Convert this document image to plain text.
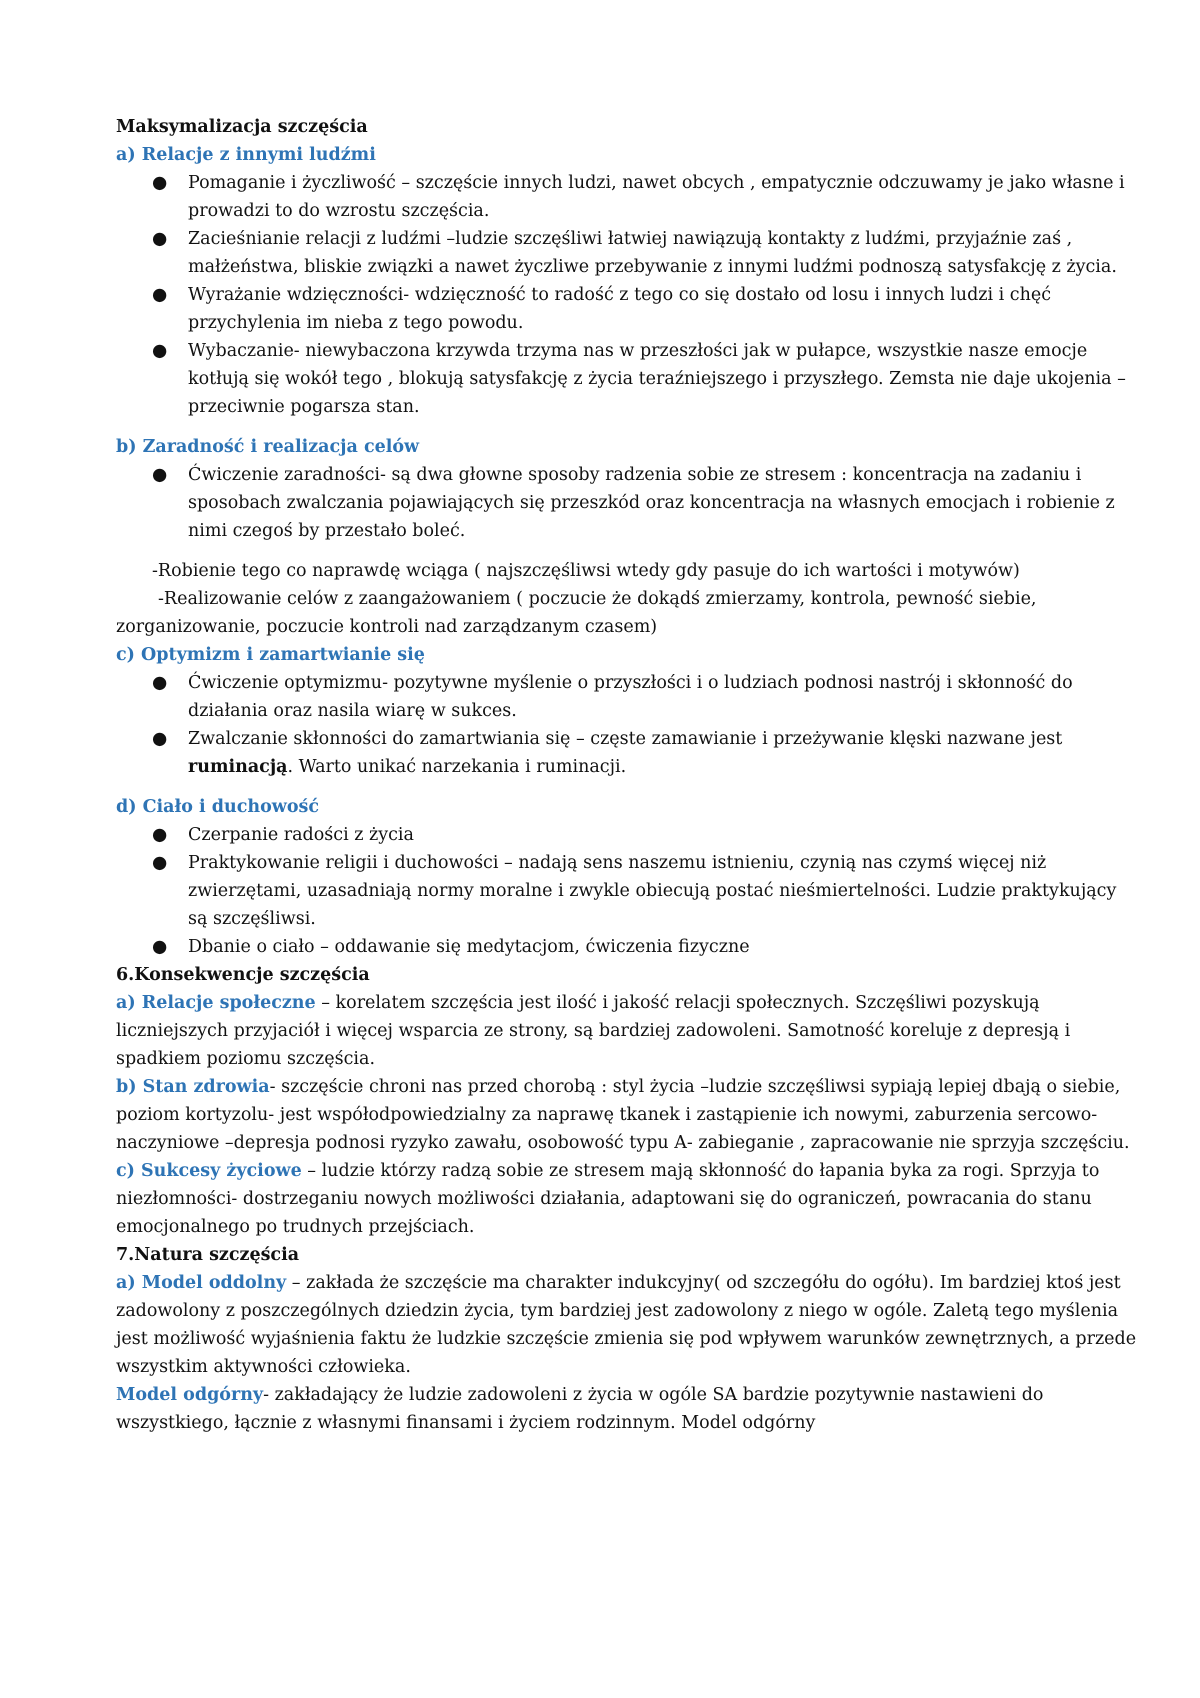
Maksymalizacja szczęścia

a) Relacje z innymi ludźmi

● Pomaganie i życzliwość – szczęście innych ludzi, nawet obcych , empatycznie odczuwamy je jako własne i prowadzi to do wzrostu szczęścia.
● Zacieśnianie relacji z ludźmi –ludzie szczęśliwi łatwiej nawiązują kontakty z ludźmi, przyjaźnie zaś , małżeństwa, bliskie związki a nawet życzliwe przebywanie z innymi ludźmi podnoszą satysfakcję z życia.
● Wyrażanie wdzięczności- wdzięczność to radość z tego co się dostało od losu i innych ludzi i chęć przychylenia im nieba z tego powodu.
● Wybaczanie- niewybaczona krzywda trzyma nas w przeszłości jak w pułapce, wszystkie nasze emocje kotłują się wokół tego , blokują satysfakcję z życia teraźniejszego i przyszłego. Zemsta nie daje ukojenia – przeciwnie pogarsza stan.

b) Zaradność i realizacja celów

● Ćwiczenie zaradności- są dwa głowne sposoby radzenia sobie ze stresem : koncentracja na zadaniu i sposobach zwalczania pojawiających się przeszkód oraz koncentracja na własnych emocjach i robienie z nimi czegoś by przestało boleć.

-Robienie tego co naprawdę wciąga ( najszczęśliwsi wtedy gdy pasuje do ich wartości i motywów)

-Realizowanie celów z zaangażowaniem ( poczucie że dokądś zmierzamy, kontrola, pewność siebie, zorganizowanie, poczucie kontroli nad zarządzanym czasem)

c) Optymizm i zamartwianie się

● Ćwiczenie optymizmu- pozytywne myślenie o przyszłości i o ludziach podnosi nastrój i skłonność do działania oraz nasila wiarę w sukces.
● Zwalczanie skłonności do zamartwiania się – częste zamawianie i przeżywanie klęski nazwane jest ruminacją. Warto unikać narzekania i ruminacji.

d) Ciało i duchowość

● Czerpanie radości z życia
● Praktykowanie religii i duchowości – nadają sens naszemu istnieniu, czynią nas czymś więcej niż zwierzętami, uzasadniają normy moralne i zwykle obiecują postać nieśmiertelności. Ludzie praktykujący są szczęśliwsi.
● Dbanie o ciało – oddawanie się medytacjom, ćwiczenia fizyczne

6.Konsekwencje szczęścia

a) Relacje społeczne – korelatem szczęścia jest ilość i jakość relacji społecznych. Szczęśliwi pozyskują liczniejszych przyjaciół i więcej wsparcia ze strony, są bardziej zadowoleni. Samotność koreluje z depresją i spadkiem poziomu szczęścia.

b) Stan zdrowia- szczęście chroni nas przed chorobą : styl życia –ludzie szczęśliwsi sypiają lepiej dbają o siebie, poziom kortyzolu- jest współodpowiedzialny za naprawę tkanek i zastąpienie ich nowymi, zaburzenia sercowo-naczyniowe –depresja podnosi ryzyko zawału, osobowość typu A- zabieganie , zapracowanie nie sprzyja szczęściu.

c) Sukcesy życiowe – ludzie którzy radzą sobie ze stresem mają skłonność do łapania byka za rogi. Sprzyja to niezłomności- dostrzeganiu nowych możliwości działania, adaptowani się do ograniczeń, powracania do stanu emocjonalnego po trudnych przejściach.

7.Natura szczęścia

a) Model oddolny – zakłada że szczęście ma charakter indukcyjny( od szczegółu do ogółu). Im bardziej ktoś jest zadowolony z poszczególnych dziedzin życia, tym bardziej jest zadowolony z niego w ogóle. Zaletą tego myślenia jest możliwość wyjaśnienia faktu że ludzkie szczęście zmienia się pod wpływem warunków zewnętrznych, a przede wszystkim aktywności człowieka.

Model odgórny- zakładający że ludzie zadowoleni z życia w ogóle SA bardzie pozytywnie nastawieni do wszystkiego, łącznie z własnymi finansami i życiem rodzinnym. Model odgórny
